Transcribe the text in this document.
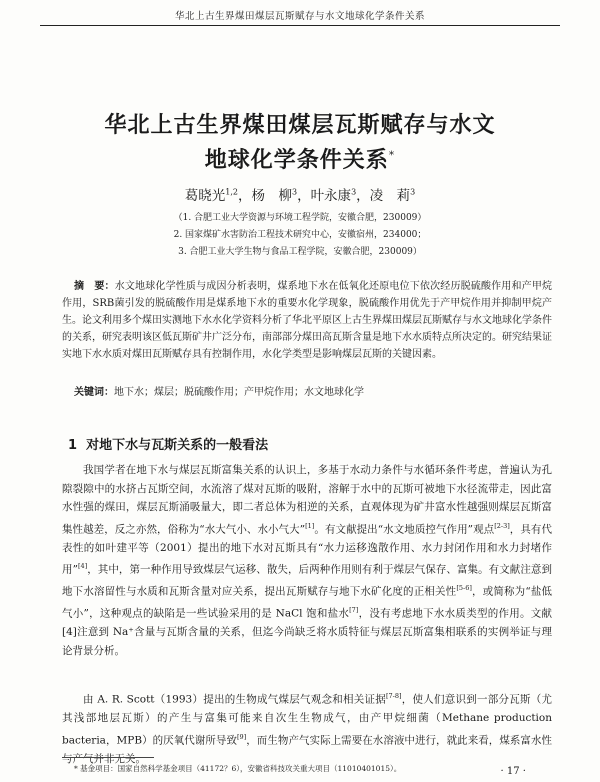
华北上古生界煤田煤层瓦斯赋存与水文地球化学条件关系
华北上古生界煤田煤层瓦斯赋存与水文
地球化学条件关系*
葛晓光$^{1,2}$，杨　柳$^3$，叶永康$^3$，凌　莉$^3$
（1. 合肥工业大学资源与环境工程学院，安徽合肥，230009）
2. 国家煤矿水害防治工程技术研究中心，安徽宿州，234000；
3. 合肥工业大学生物与食品工程学院，安徽合肥，230009）
摘　要：水文地球化学性质与成因分析表明，煤系地下水在低氧化还原电位下依次经历脱硫酸作用和产甲烷作用，SRB菌引发的脱硫酸作用是煤系地下水的重要水化学现象，脱硫酸作用优先于产甲烷作用并抑制甲烷产生。论文利用多个煤田实测地下水水化学资料分析了华北平原区上古生界煤田煤层瓦斯赋存与水文地球化学条件的关系，研究表明该区低瓦斯矿井广泛分布，南部部分煤田高瓦斯含量是地下水水质特点所决定的。研究结果证实地下水水质对煤田瓦斯赋存具有控制作用，水化学类型是影响煤层瓦斯的关键因素。
关键词：地下水；煤层；脱硫酸作用；产甲烷作用；水文地球化学
1 对地下水与瓦斯关系的一般看法

我国学者在地下水与煤层瓦斯富集关系的认识上，多基于水动力条件与水循环条件考虑，普遍认为孔隙裂隙中的水挤占瓦斯空间，水流溶了煤对瓦斯的吸附，溶解于水中的瓦斯可被地下水径流带走，因此富水性强的煤田，煤层瓦斯涌吸量大，即二者总体为相逆的关系，直观体现为矿井富水性越强则煤层瓦斯富集性越差，反之亦然，俗称为“水大气小、水小气大”[1]。有文献提出“水文地质控气作用”观点[2-3]，具有代表性的如叶建平等（2001）提出的地下水对瓦斯具有“水力运移逸散作用、水力封闭作用和水力封堵作用”[4]，其中，第一种作用导致煤层气运移、散失，后两种作用则有利于煤层气保存、富集。有文献注意到地下水溶留性与水质和瓦斯含量对应关系，提出瓦斯赋存与地下水矿化度的正相关性[5-6]，或简称为“盐低气小”，这种观点的缺陷是一些试验采用的是 NaCl 饱和盐水[7]，没有考虑地下水水质类型的作用。文献[4]注意到 Na⁺含量与瓦斯含量的关系，但迄今尚缺乏将水质特征与煤层瓦斯富集相联系的实例举证与理论背景分析。

由 A. R. Scott（1993）提出的生物成气煤层气观念和相关证据[7-8]，使人们意识到一部分瓦斯（尤其浅部地层瓦斯）的产生与富集可能来自次生生物成气，由产甲烷细菌（Methane production bacteria，MPB）的厌氧代谢所导致[9]，而生物产气实际上需要在水溶液中进行，就此来看，煤系富水性与产气并非无关。

* 基金项目：国家自然科学基金项目（41172？6），安徽省科技攻关重大项目（11010401015）。	· 17 ·
